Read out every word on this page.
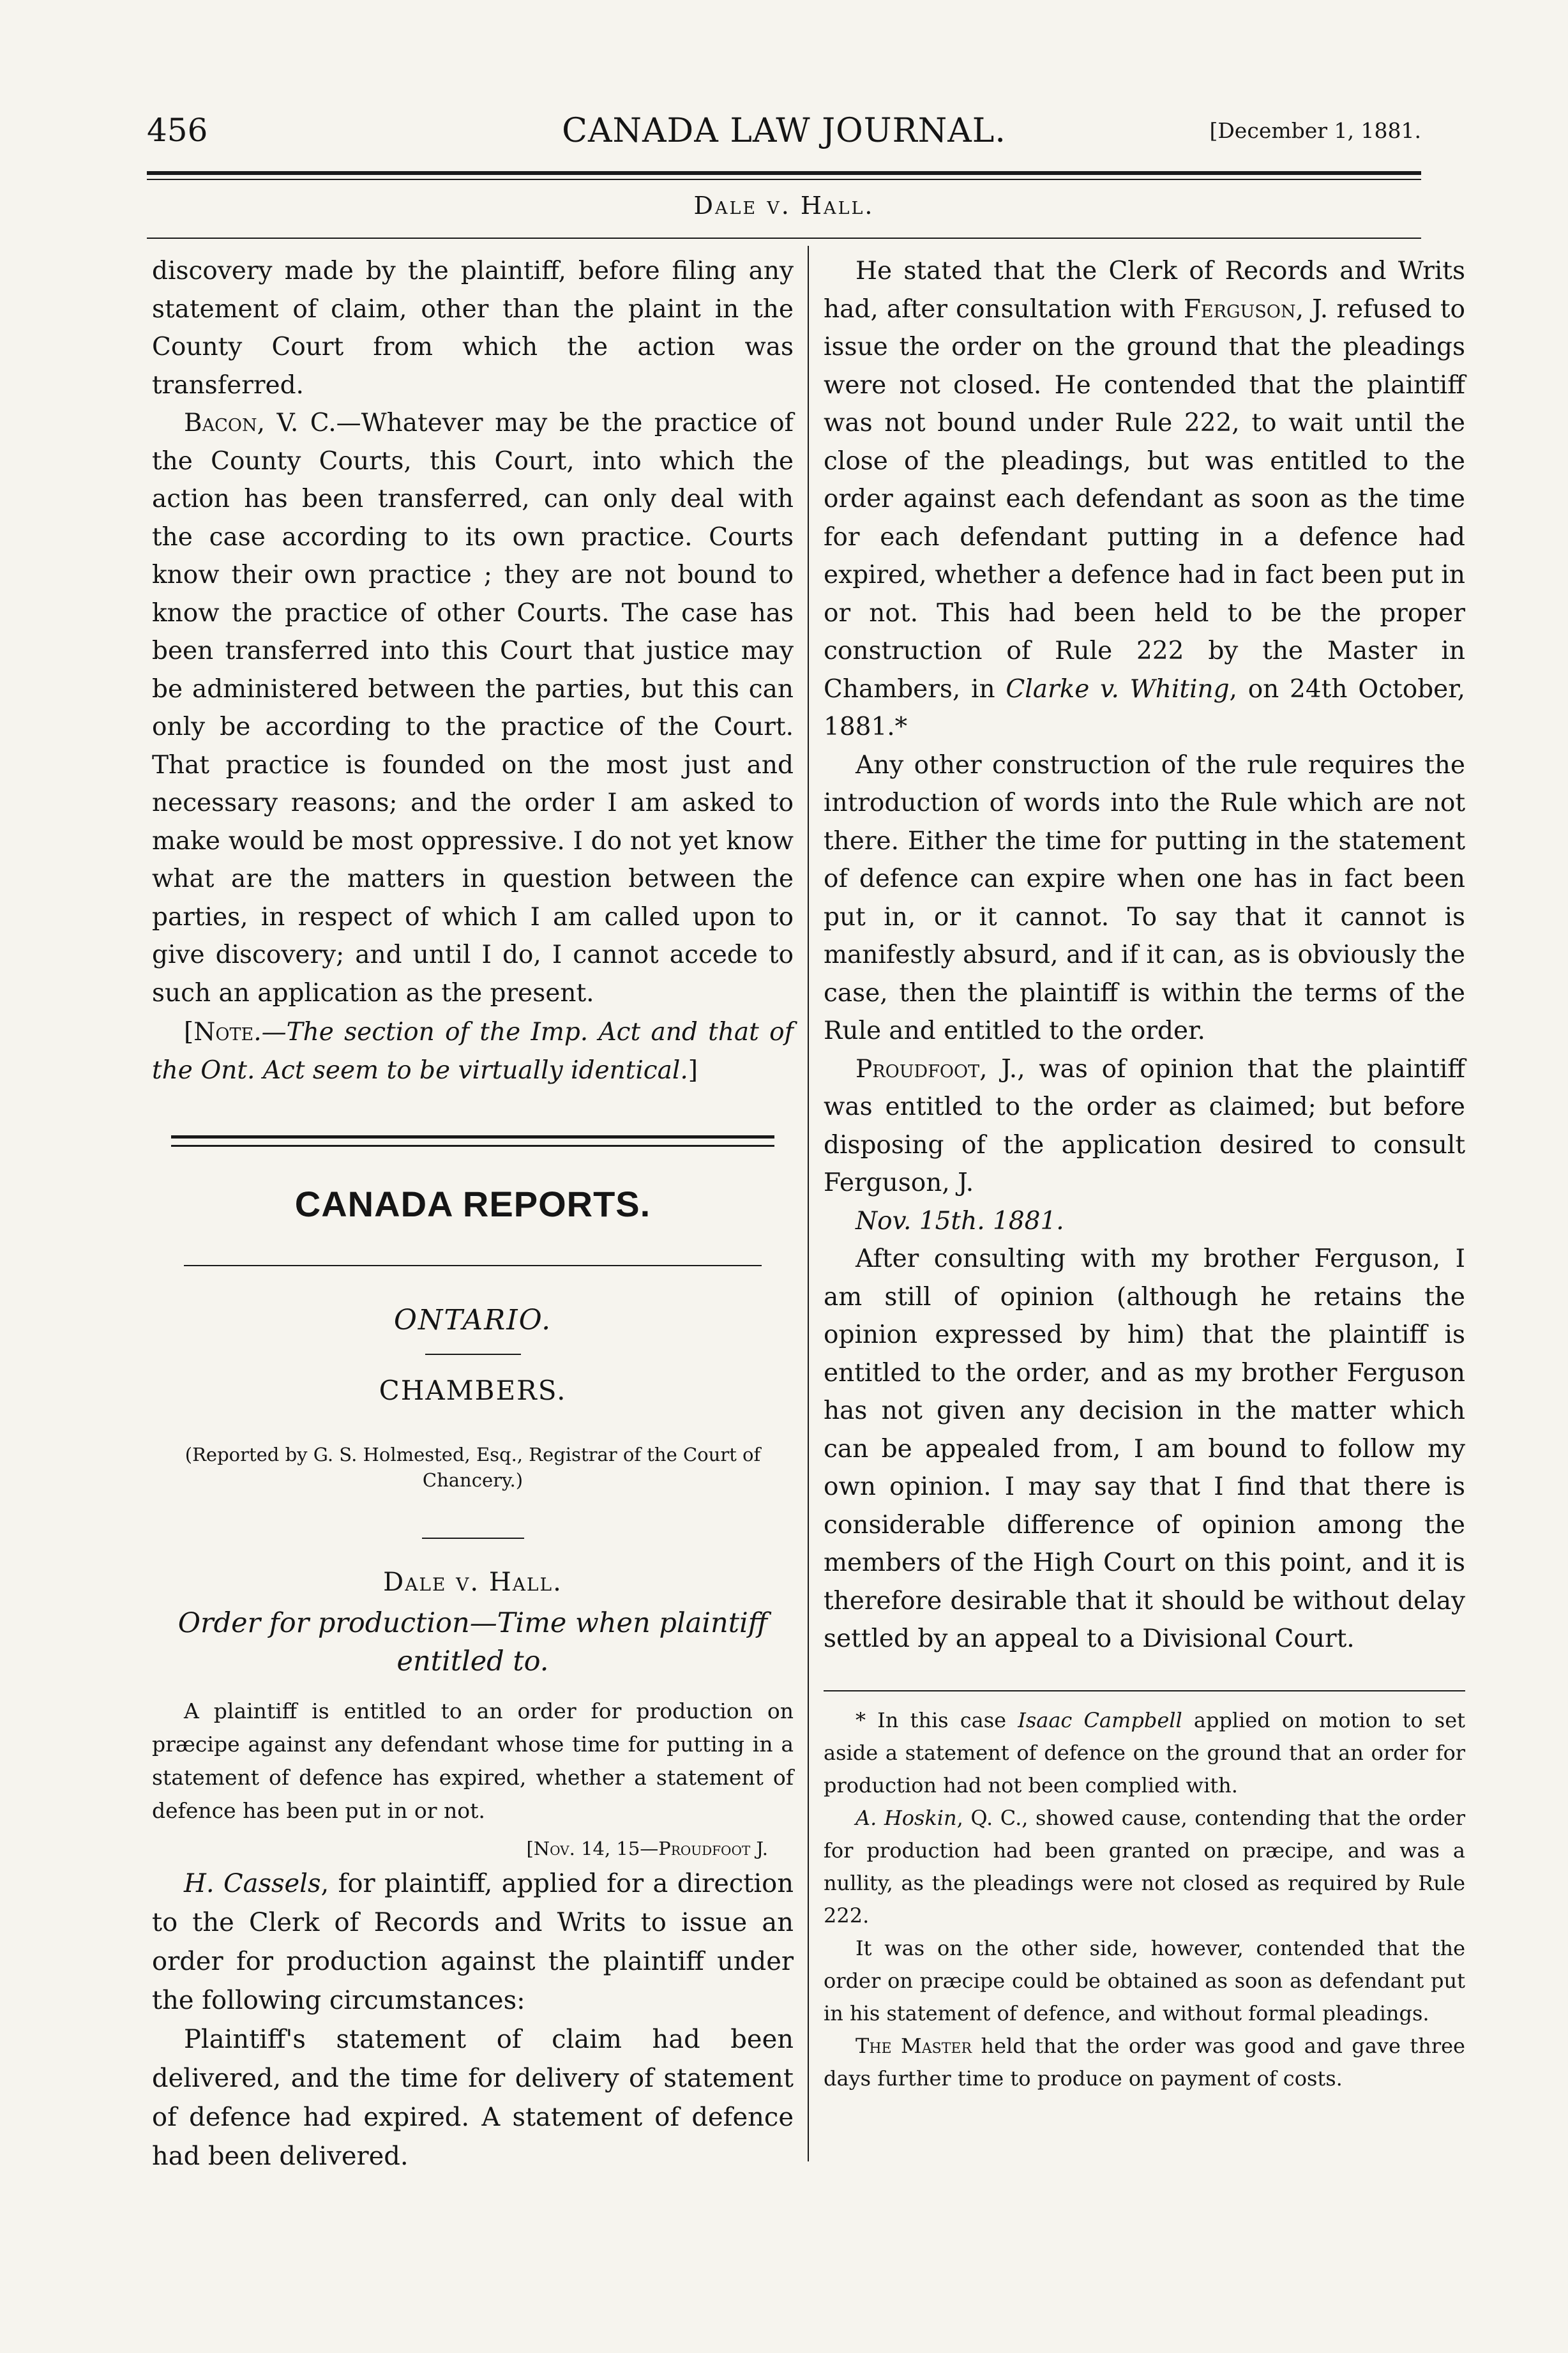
456	CANADA LAW JOURNAL.	[December 1, 1881.
Dale v. Hall.

discovery made by the plaintiff, before filing any statement of claim, other than the plaint in the County Court from which the action was transferred.

Bacon, V. C.—Whatever may be the practice of the County Courts, this Court, into which the action has been transferred, can only deal with the case according to its own practice. Courts know their own practice ; they are not bound to know the practice of other Courts. The case has been transferred into this Court that justice may be administered between the parties, but this can only be according to the practice of the Court. That practice is founded on the most just and necessary reasons; and the order I am asked to make would be most oppressive. I do not yet know what are the matters in question between the parties, in respect of which I am called upon to give discovery; and until I do, I cannot accede to such an application as the present.

[Note.—The section of the Imp. Act and that of the Ont. Act seem to be virtually identical.]

CANADA REPORTS.
ONTARIO.
CHAMBERS.
(Reported by G. S. Holmested, Esq., Registrar of the Court of Chancery.)
Dale v. Hall.
Order for production—Time when plaintiff entitled to.

A plaintiff is entitled to an order for production on præcipe against any defendant whose time for putting in a statement of defence has expired, whether a statement of defence has been put in or not.

[Nov. 14, 15—Proudfoot J.

H. Cassels, for plaintiff, applied for a direction to the Clerk of Records and Writs to issue an order for production against the plaintiff under the following circumstances:

Plaintiff's statement of claim had been delivered, and the time for delivery of statement of defence had expired. A statement of defence had been delivered.

He stated that the Clerk of Records and Writs had, after consultation with Ferguson, J. refused to issue the order on the ground that the pleadings were not closed. He contended that the plaintiff was not bound under Rule 222, to wait until the close of the pleadings, but was entitled to the order against each defendant as soon as the time for each defendant putting in a defence had expired, whether a defence had in fact been put in or not. This had been held to be the proper construction of Rule 222 by the Master in Chambers, in Clarke v. Whiting, on 24th October, 1881.*

Any other construction of the rule requires the introduction of words into the Rule which are not there. Either the time for putting in the statement of defence can expire when one has in fact been put in, or it cannot. To say that it cannot is manifestly absurd, and if it can, as is obviously the case, then the plaintiff is within the terms of the Rule and entitled to the order.

Proudfoot, J., was of opinion that the plaintiff was entitled to the order as claimed; but before disposing of the application desired to consult Ferguson, J.

Nov. 15th. 1881.

After consulting with my brother Ferguson, I am still of opinion (although he retains the opinion expressed by him) that the plaintiff is entitled to the order, and as my brother Ferguson has not given any decision in the matter which can be appealed from, I am bound to follow my own opinion. I may say that I find that there is considerable difference of opinion among the members of the High Court on this point, and it is therefore desirable that it should be without delay settled by an appeal to a Divisional Court.

* In this case Isaac Campbell applied on motion to set aside a statement of defence on the ground that an order for production had not been complied with.

A. Hoskin, Q. C., showed cause, contending that the order for production had been granted on præcipe, and was a nullity, as the pleadings were not closed as required by Rule 222.

It was on the other side, however, contended that the order on præcipe could be obtained as soon as defendant put in his statement of defence, and without formal pleadings.

The Master held that the order was good and gave three days further time to produce on payment of costs.
